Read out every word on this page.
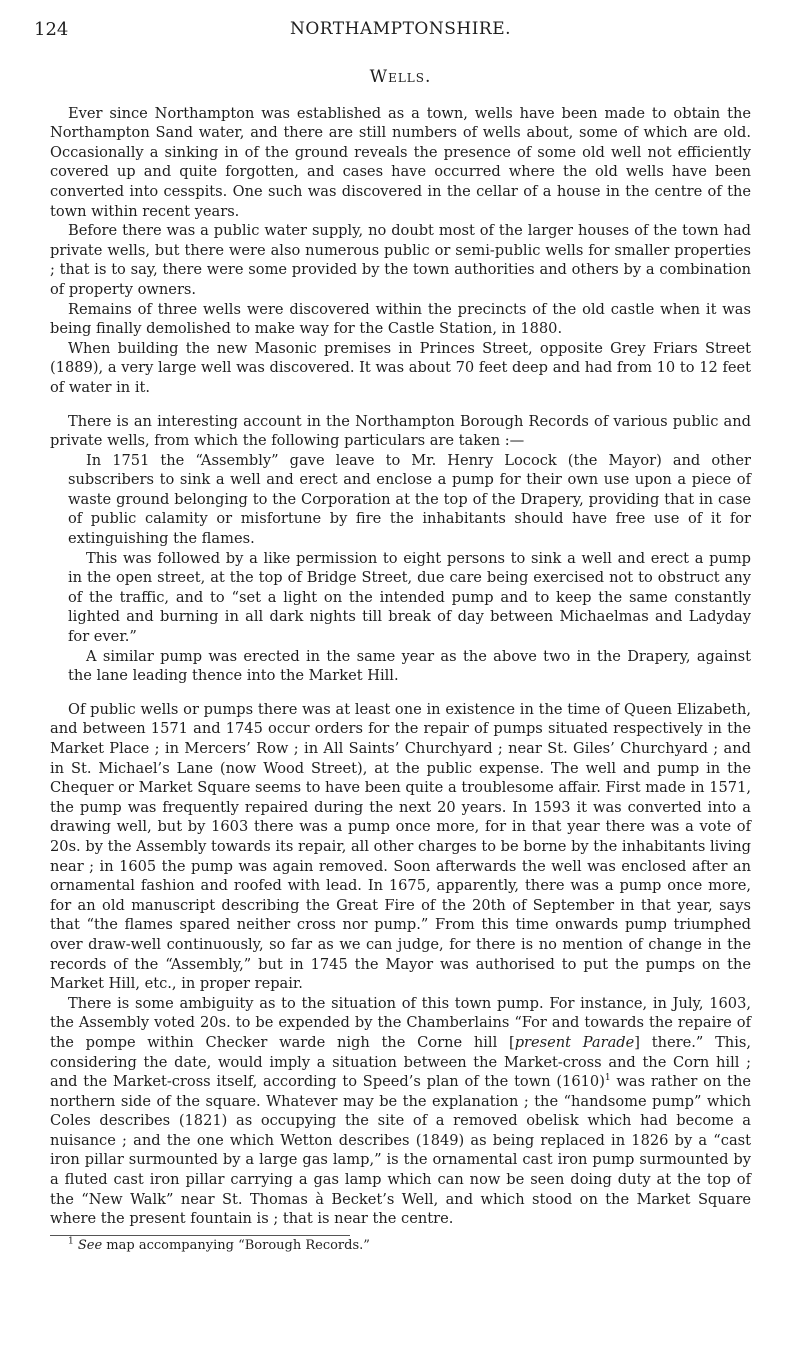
124	NORTHAMPTONSHIRE.
Wells.

Ever since Northampton was established as a town, wells have been made to obtain the Northampton Sand water, and there are still numbers of wells about, some of which are old. Occasionally a sinking in of the ground reveals the presence of some old well not efficiently covered up and quite forgotten, and cases have occurred where the old wells have been converted into cesspits. One such was discovered in the cellar of a house in the centre of the town within recent years.

Before there was a public water supply, no doubt most of the larger houses of the town had private wells, but there were also numerous public or semi-public wells for smaller properties ; that is to say, there were some provided by the town authorities and others by a combination of property owners.

Remains of three wells were discovered within the precincts of the old castle when it was being finally demolished to make way for the Castle Station, in 1880.

When building the new Masonic premises in Princes Street, opposite Grey Friars Street (1889), a very large well was discovered. It was about 70 feet deep and had from 10 to 12 feet of water in it.

There is an interesting account in the Northampton Borough Records of various public and private wells, from which the following particulars are taken :—

In 1751 the “Assembly” gave leave to Mr. Henry Locock (the Mayor) and other subscribers to sink a well and erect and enclose a pump for their own use upon a piece of waste ground belonging to the Corporation at the top of the Drapery, providing that in case of public calamity or misfortune by fire the inhabitants should have free use of it for extinguishing the flames.

This was followed by a like permission to eight persons to sink a well and erect a pump in the open street, at the top of Bridge Street, due care being exercised not to obstruct any of the traffic, and to “set a light on the intended pump and to keep the same constantly lighted and burning in all dark nights till break of day between Michaelmas and Ladyday for ever.”

A similar pump was erected in the same year as the above two in the Drapery, against the lane leading thence into the Market Hill.

Of public wells or pumps there was at least one in existence in the time of Queen Elizabeth, and between 1571 and 1745 occur orders for the repair of pumps situated respectively in the Market Place ; in Mercers’ Row ; in All Saints’ Churchyard ; near St. Giles’ Churchyard ; and in St. Michael’s Lane (now Wood Street), at the public expense. The well and pump in the Chequer or Market Square seems to have been quite a troublesome affair. First made in 1571, the pump was frequently repaired during the next 20 years. In 1593 it was converted into a drawing well, but by 1603 there was a pump once more, for in that year there was a vote of 20s. by the Assembly towards its repair, all other charges to be borne by the inhabitants living near ; in 1605 the pump was again removed. Soon afterwards the well was enclosed after an ornamental fashion and roofed with lead. In 1675, apparently, there was a pump once more, for an old manuscript describing the Great Fire of the 20th of September in that year, says that “the flames spared neither cross nor pump.” From this time onwards pump triumphed over draw-well continuously, so far as we can judge, for there is no mention of change in the records of the “Assembly,” but in 1745 the Mayor was authorised to put the pumps on the Market Hill, etc., in proper repair.

There is some ambiguity as to the situation of this town pump. For instance, in July, 1603, the Assembly voted 20s. to be expended by the Chamberlains “For and towards the repaire of the pompe within Checker warde nigh the Corne hill [present Parade] there.” This, considering the date, would imply a situation between the Market-cross and the Corn hill ; and the Market-cross itself, according to Speed’s plan of the town $(1610)^1$ was rather on the northern side of the square. Whatever may be the explanation ; the “handsome pump” which Coles describes (1821) as occupying the site of a removed obelisk which had become a nuisance ; and the one which Wetton describes (1849) as being replaced in 1826 by a “cast iron pillar surmounted by a large gas lamp,” is the ornamental cast iron pump surmounted by a fluted cast iron pillar carrying a gas lamp which can now be seen doing duty at the top of the “New Walk” near St. Thomas à Becket’s Well, and which stood on the Market Square where the present fountain is ; that is near the centre.

$^1$ See map accompanying “Borough Records.”
